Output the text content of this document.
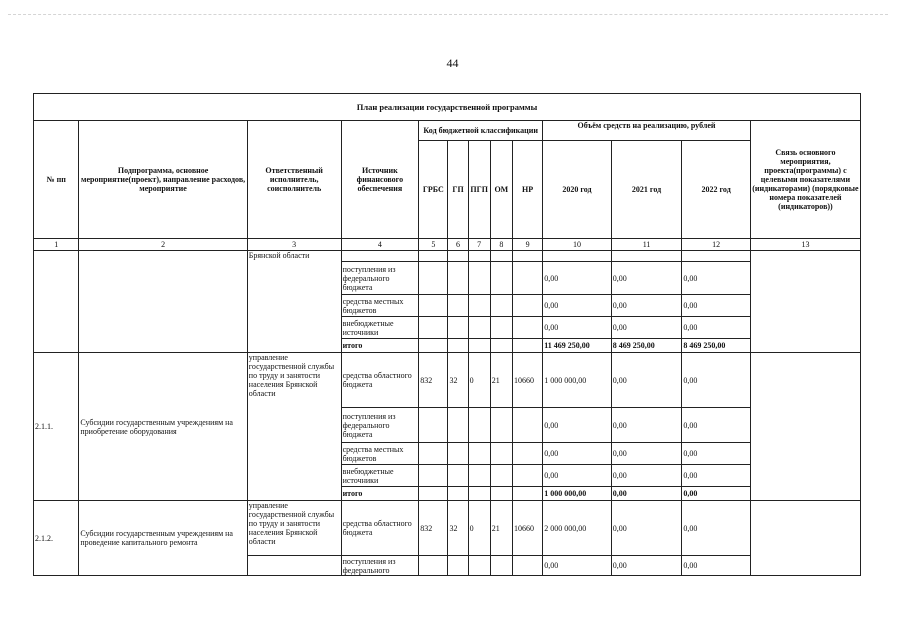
44
План реализации государственной программы												
№ пп	Подпрограмма, основное мероприятие(проект), направление расходов, мероприятие	Ответственный исполнитель, соисполнитель	Источник финансового обеспечения	Код бюджетной классификации					Объём средств на реализацию, рублей			Связь основного мероприятия, проекта(программы) с целевыми показателями (индикаторами) (порядковые номера показателей (индикаторов))
				ГРБС	ГП	ПГП	ОМ	НР	2020 год	2021 год	2022 год	
1	2	3	4	5	6	7	8	9	10	11	12	13
		Брянской области										
			поступления из федерального бюджета						0,00	0,00	0,00	
			средства местных бюджетов						0,00	0,00	0,00	
			внебюджетные источники						0,00	0,00	0,00	
			итого						11 469 250,00	8 469 250,00	8 469 250,00	
2.1.1.	Субсидии государственным учреждениям на приобретение оборудования	управление государственной службы по труду и занятости населения Брянской области	средства областного бюджета	832	32	0	21	10660	1 000 000,00	0,00	0,00	
			поступления из федерального бюджета						0,00	0,00	0,00	
			средства местных бюджетов						0,00	0,00	0,00	
			внебюджетные источники						0,00	0,00	0,00	
			итого						1 000 000,00	0,00	0,00	
2.1.2.	Субсидии государственным учреждениям на проведение капитального ремонта	управление государственной службы по труду и занятости населения Брянской области	средства областного бюджета	832	32	0	21	10660	2 000 000,00	0,00	0,00	
			поступления из федерального						0,00	0,00	0,00	
